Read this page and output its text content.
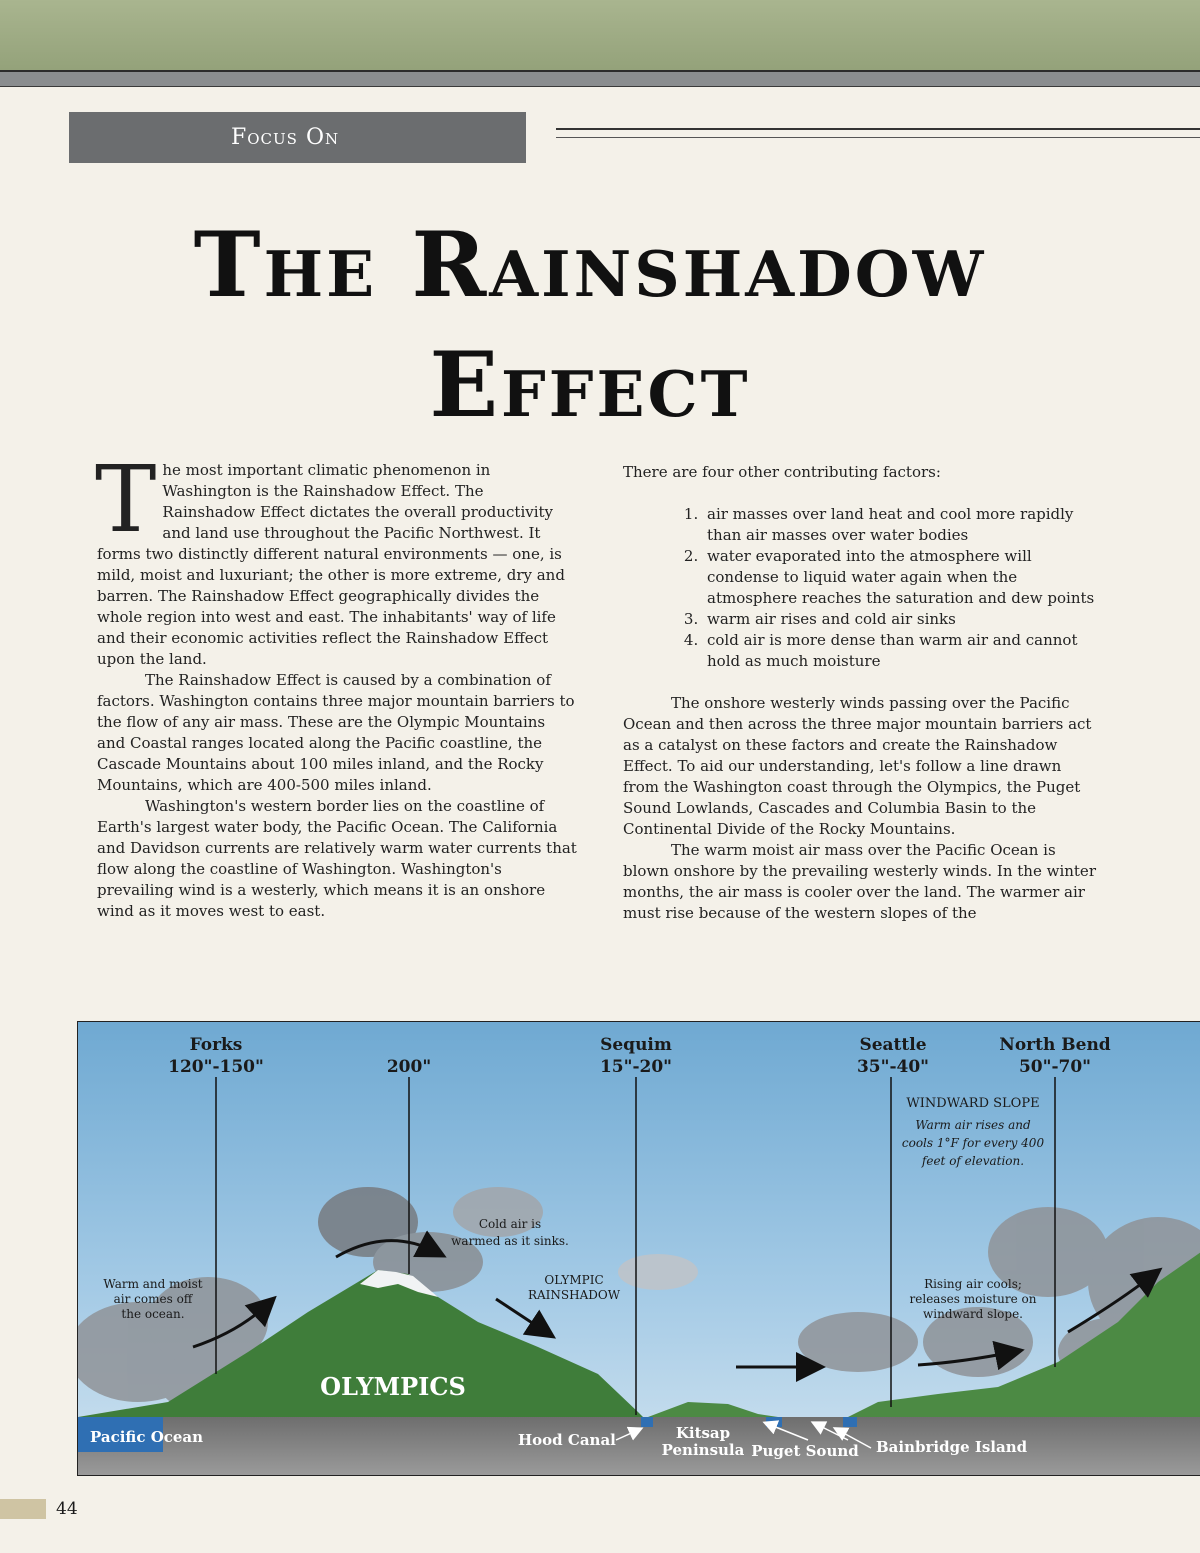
Focus On
The Rainshadow
Effect

The most important climatic phenomenon in Washington is the Rainshadow Effect. The Rainshadow Effect dictates the overall productivity and land use throughout the Pacific Northwest. It forms two distinctly different natural environments — one, is mild, moist and luxuriant; the other is more extreme, dry and barren. The Rainshadow Effect geographically divides the whole region into west and east. The inhabitants' way of life and their economic activities reflect the Rainshadow Effect upon the land.

The Rainshadow Effect is caused by a combination of factors. Washington contains three major mountain barriers to the flow of any air mass. These are the Olympic Mountains and Coastal ranges located along the Pacific coastline, the Cascade Mountains about 100 miles inland, and the Rocky Mountains, which are 400-500 miles inland.

Washington's western border lies on the coastline of Earth's largest water body, the Pacific Ocean. The California and Davidson currents are relatively warm water currents that flow along the coastline of Washington. Washington's prevailing wind is a westerly, which means it is an onshore wind as it moves west to east.

There are four other contributing factors:

1. air masses over land heat and cool more rapidly than air masses over water bodies
2. water evaporated into the atmosphere will condense to liquid water again when the atmosphere reaches the saturation and dew points
3. warm air rises and cold air sinks
4. cold air is more dense than warm air and cannot hold as much moisture

The onshore westerly winds passing over the Pacific Ocean and then across the three major mountain barriers act as a catalyst on these factors and create the Rainshadow Effect. To aid our understanding, let's follow a line drawn from the Washington coast through the Olympics, the Puget Sound Lowlands, Cascades and Columbia Basin to the Continental Divide of the Rocky Mountains.

The warm moist air mass over the Pacific Ocean is blown onshore by the prevailing westerly winds. In the winter months, the air mass is cooler over the land. The warmer air must rise because of the western slopes of the

Forks
120"-150"	200"
Sequim
15"-20"
Seattle
35"-40"
North Bend
50"-70"
WINDWARD SLOPE
Warm air rises and
cools 1°F for every 400
feet of elevation.
Cold air is
warmed as it sinks.
Warm and moist
air comes off
the ocean.
OLYMPIC
RAINSHADOW
Rising air cools;
releases moisture on
windward slope.
OLYMPICS
Pacific Ocean	Hood Canal	Kitsap
Peninsula Puget Sound Bainbridge Island
44
